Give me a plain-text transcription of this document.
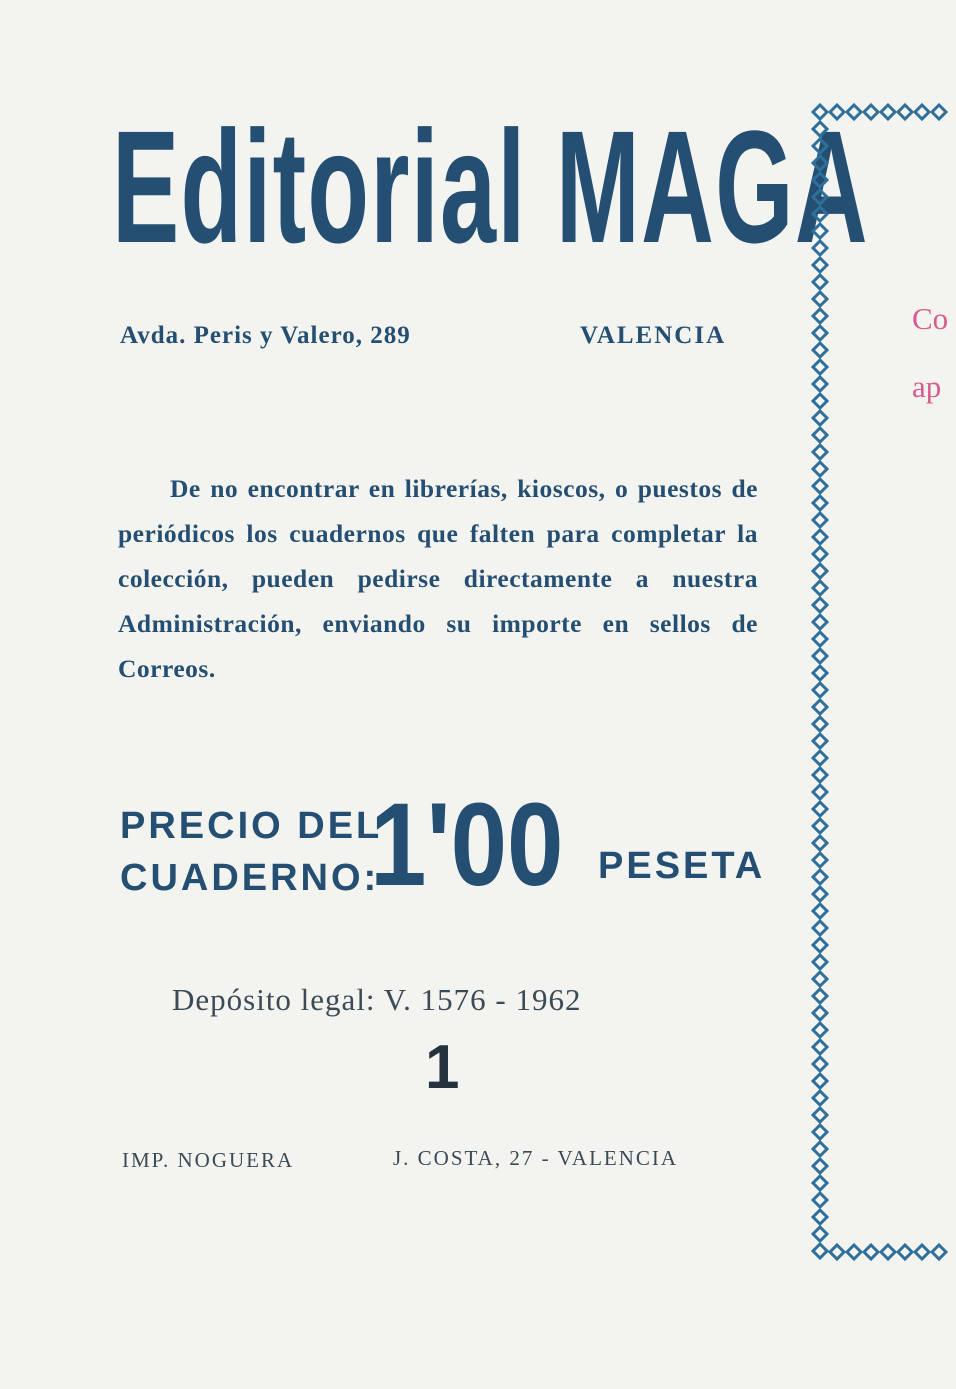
Editorial MAGA
Avda. Peris y Valero, 289	VALENCIA
De no encontrar en librerías, kioscos, o puestos de periódicos los cuadernos que falten para completar la colección, pueden pedirse directamente a nuestra Administración, enviando su importe en sellos de Correos.
PRECIO DEL
CUADERNO:
1'00 PESETA
Depósito legal: V. 1576 - 1962
1
IMP. NOGUERA	J. COSTA, 27 - VALENCIA
Co
ap
